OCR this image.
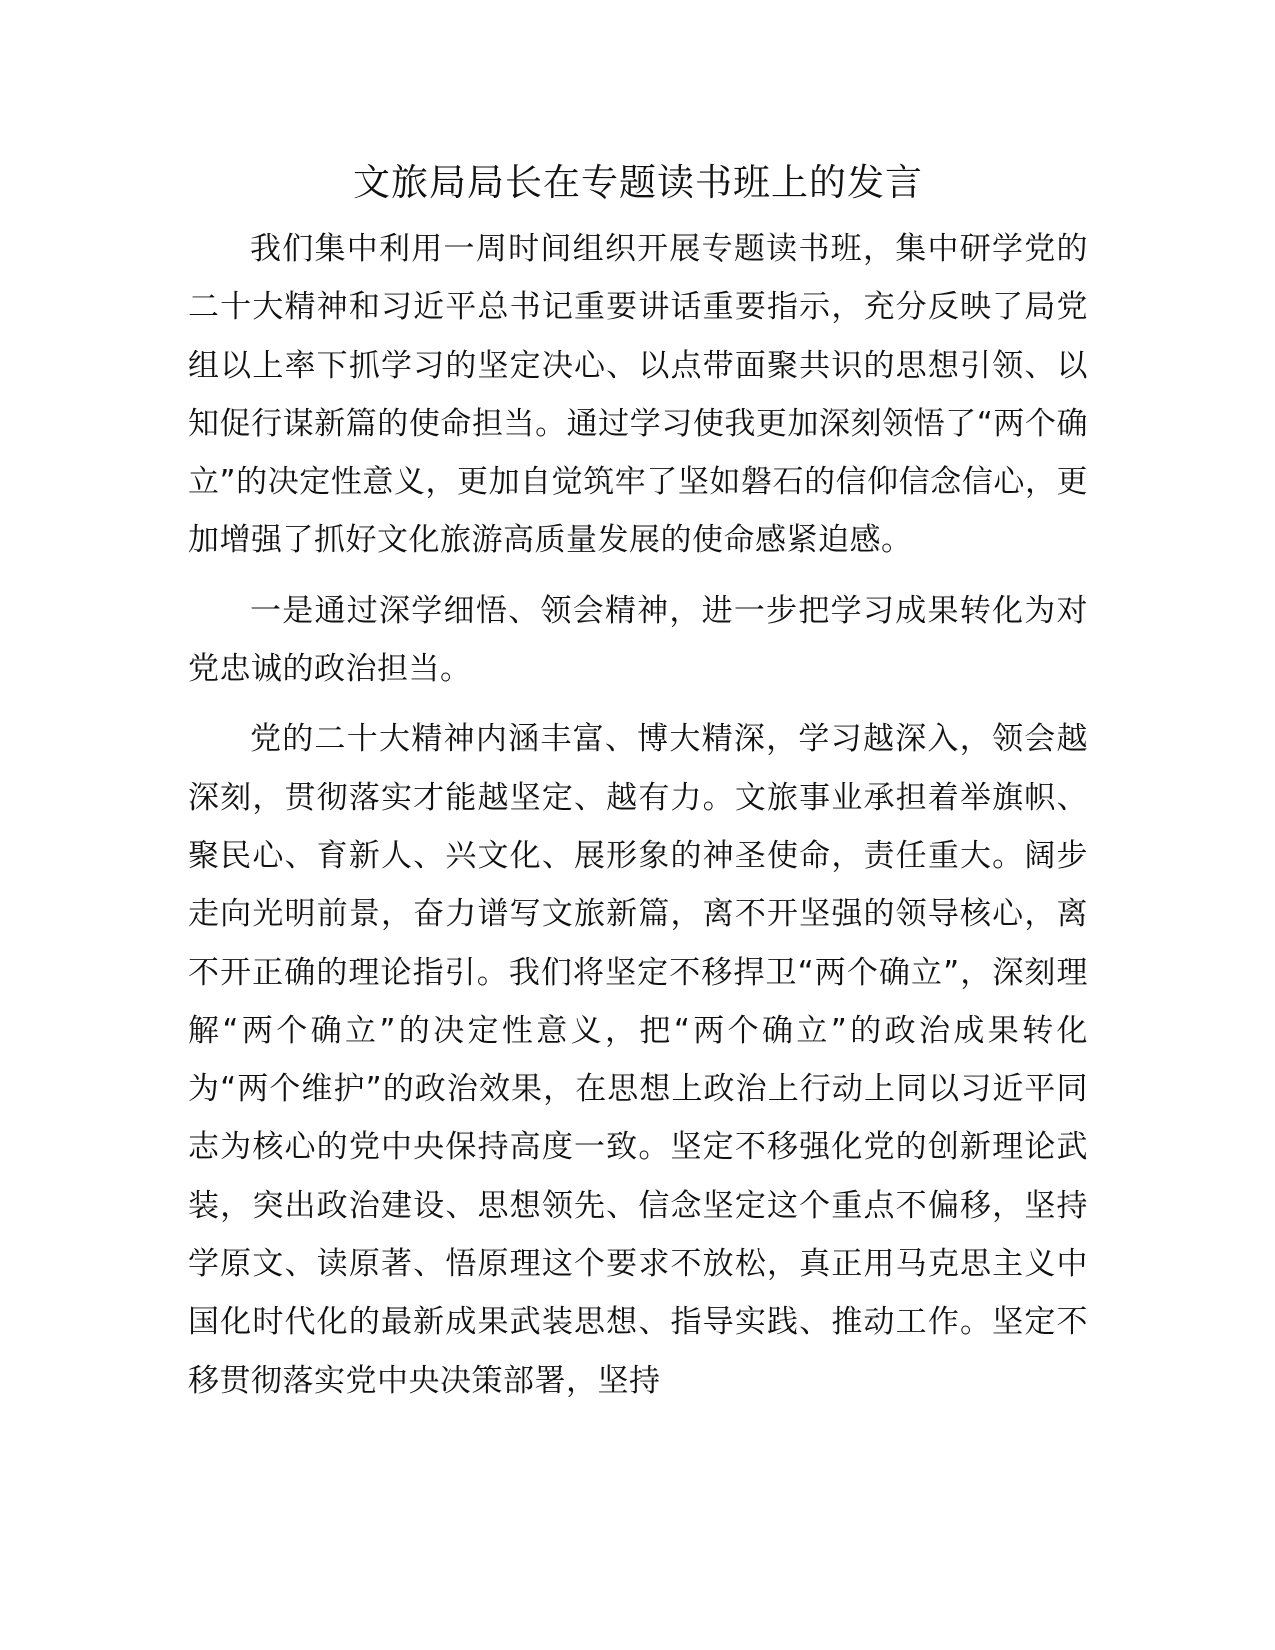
文旅局局长在专题读书班上的发言

我们集中利用一周时间组织开展专题读书班，集中研学党的二十大精神和习近平总书记重要讲话重要指示，充分反映了局党组以上率下抓学习的坚定决心、以点带面聚共识的思想引领、以知促行谋新篇的使命担当。通过学习使我更加深刻领悟了“两个确立”的决定性意义，更加自觉筑牢了坚如磐石的信仰信念信心，更加增强了抓好文化旅游高质量发展的使命感紧迫感。

一是通过深学细悟、领会精神，进一步把学习成果转化为对党忠诚的政治担当。

党的二十大精神内涵丰富、博大精深，学习越深入，领会越深刻，贯彻落实才能越坚定、越有力。文旅事业承担着举旗帜、聚民心、育新人、兴文化、展形象的神圣使命，责任重大。阔步走向光明前景，奋力谱写文旅新篇，离不开坚强的领导核心，离不开正确的理论指引。我们将坚定不移捍卫“两个确立”，深刻理解“两个确立”的决定性意义，把“两个确立”的政治成果转化为“两个维护”的政治效果，在思想上政治上行动上同以习近平同志为核心的党中央保持高度一致。坚定不移强化党的创新理论武装，突出政治建设、思想领先、信念坚定这个重点不偏移，坚持学原文、读原著、悟原理这个要求不放松，真正用马克思主义中国化时代化的最新成果武装思想、指导实践、推动工作。坚定不移贯彻落实党中央决策部署，坚持
